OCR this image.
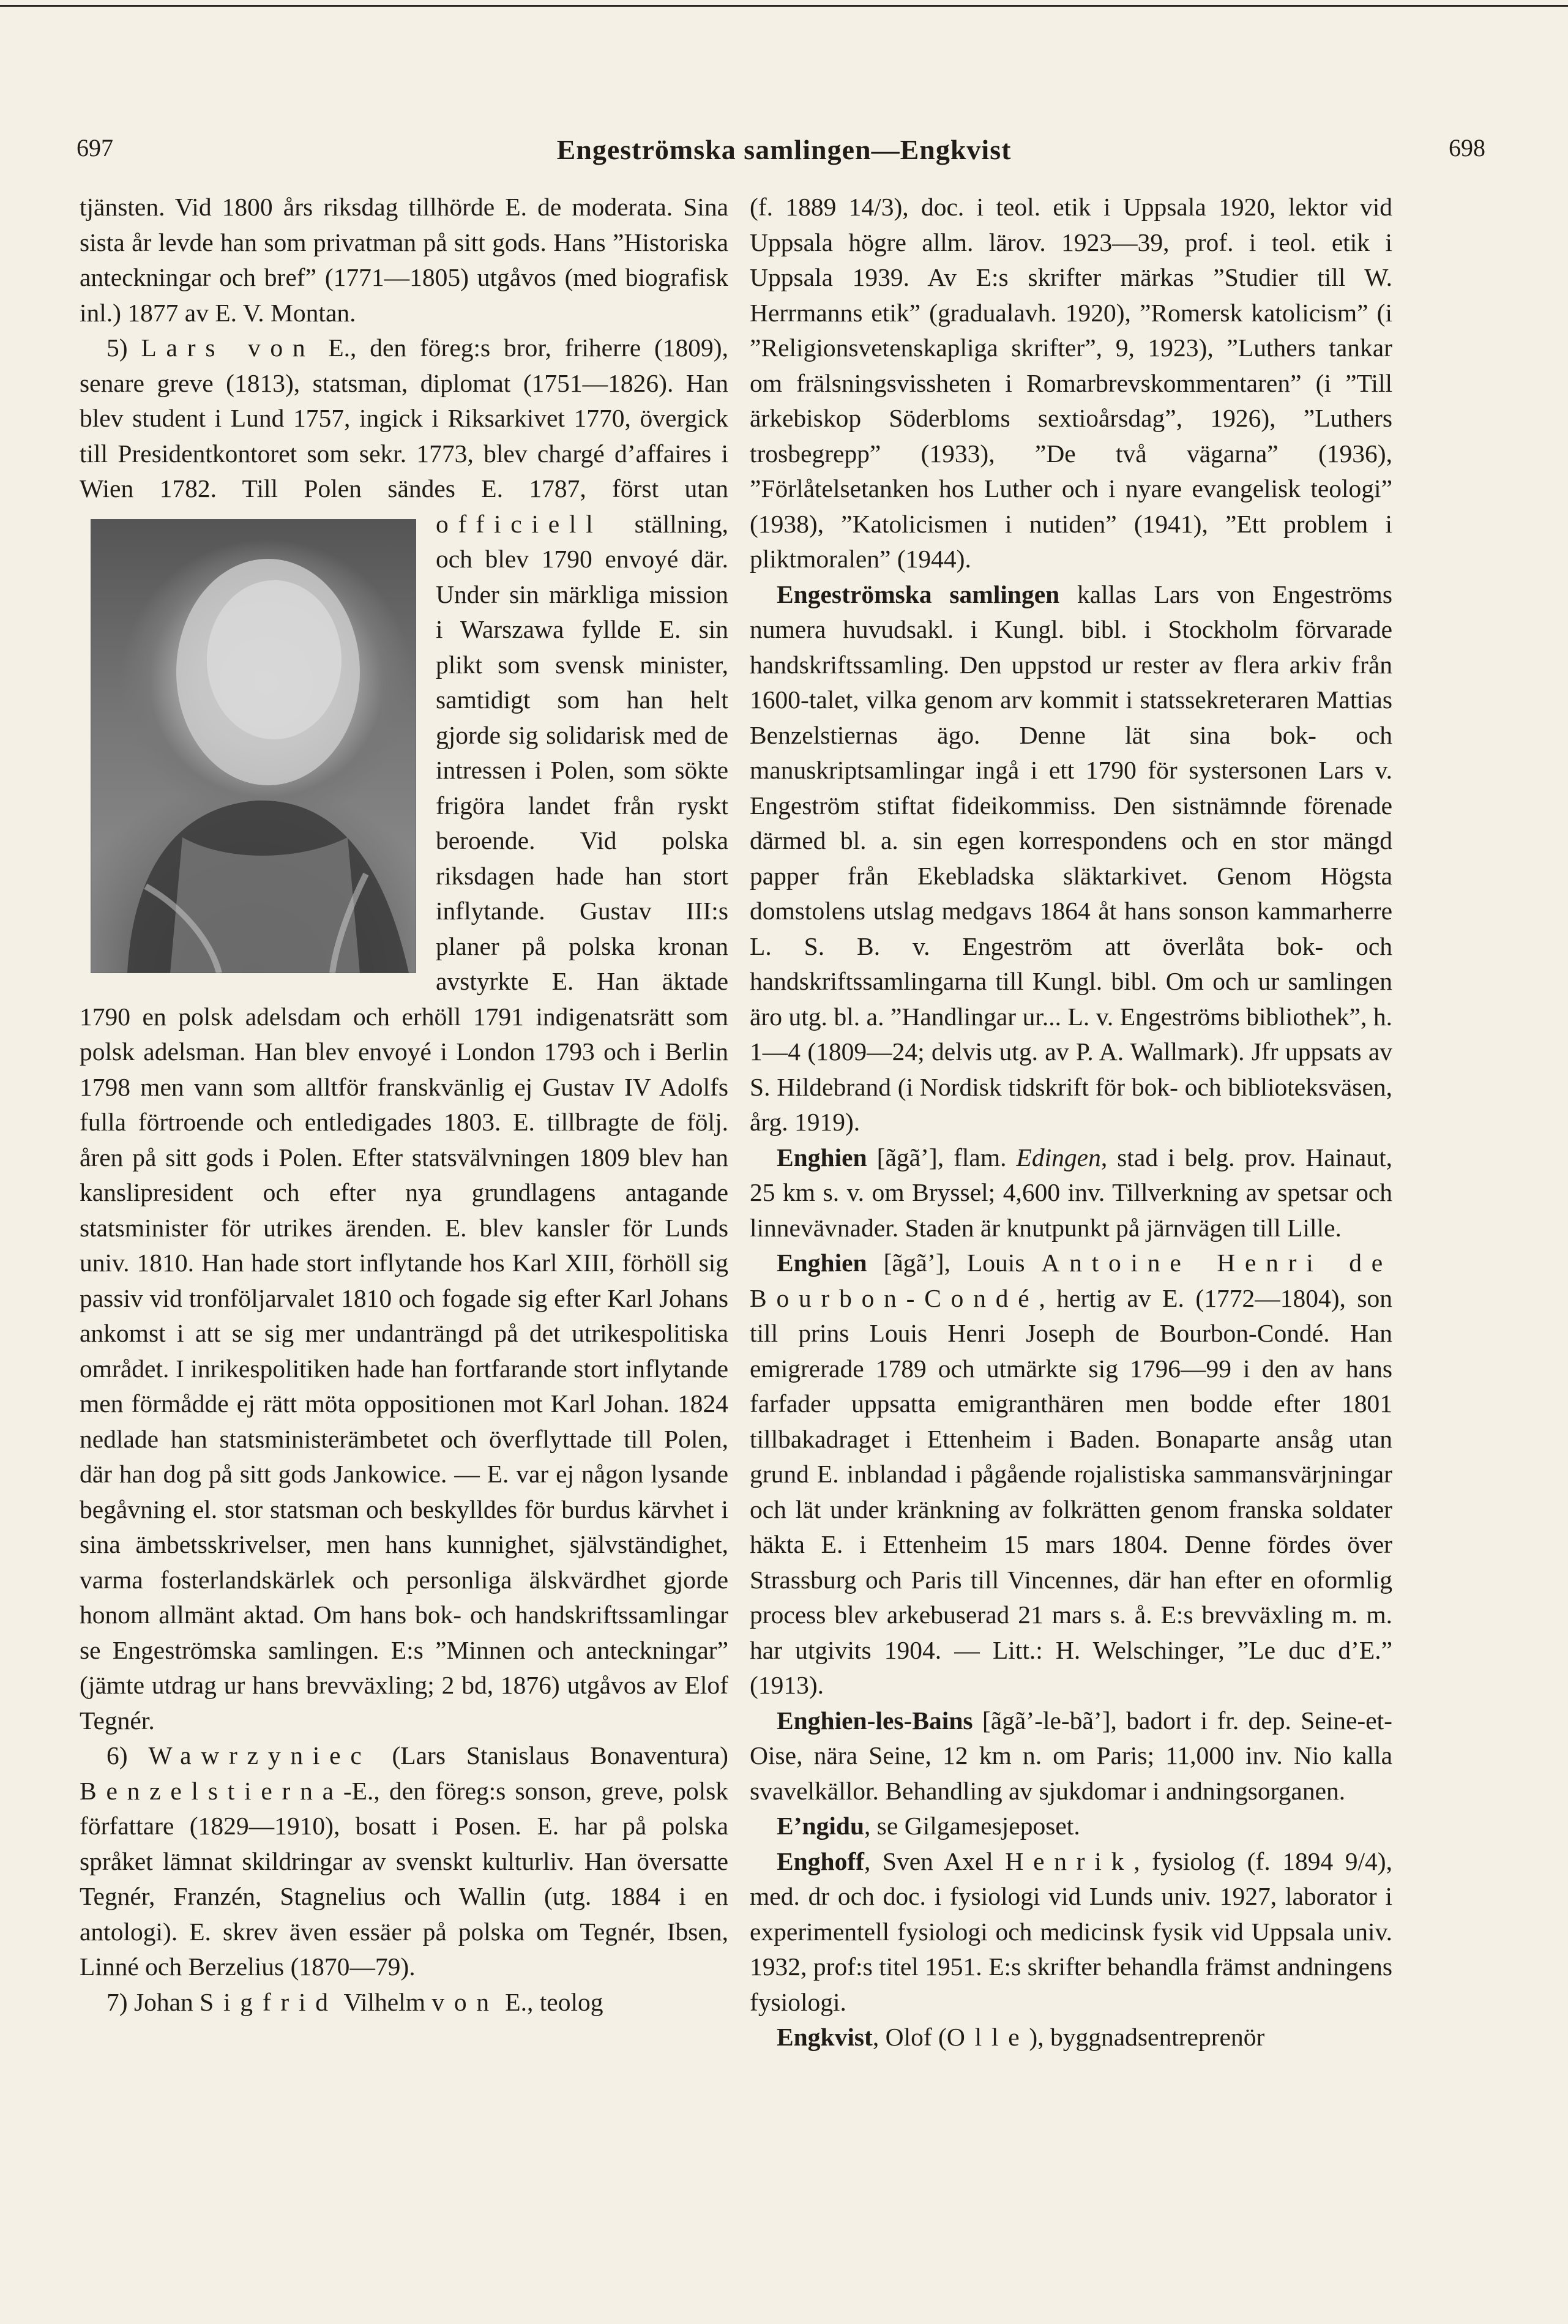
697	Engeströmska samlingen—Engkvist	698

tjänsten. Vid 1800 års riksdag tillhörde E. de moderata. Sina sista år levde han som privatman på sitt gods. Hans ”Historiska anteckningar och bref” (1771—1805) utgåvos (med biografisk inl.) 1877 av E. V. Montan.

5) Lars von E., den föreg:s bror, friherre (1809), senare greve (1813), statsman, diplomat (1751—1826). Han blev student i Lund 1757, ingick i Riksarkivet 1770, övergick till Presidentkontoret som sekr. 1773, blev chargé d’affaires i Wien 1782. Till Polen sändes E. 1787, först utan
officiell ställning, och blev 1790 envoyé där. Under sin märkliga mission i Warszawa fyllde E. sin plikt som svensk minister, samtidigt som han helt gjorde sig solidarisk med de intressen i Polen, som sökte frigöra landet från ryskt beroende. Vid polska riksdagen hade han stort inflytande. Gustav III:s planer på polska kronan avstyrkte E. Han äktade 1790 en polsk adelsdam och erhöll 1791 indigenatsrätt som polsk adelsman. Han blev envoyé i London 1793 och i Berlin 1798 men vann som alltför franskvänlig ej Gustav IV Adolfs fulla förtroende och entledigades 1803. E. tillbragte de följ. åren på sitt gods i Polen. Efter statsvälvningen 1809 blev han kanslipresident och efter nya grundlagens antagande statsminister för utrikes ärenden. E. blev kansler för Lunds univ. 1810. Han hade stort inflytande hos Karl XIII, förhöll sig passiv vid tronföljarvalet 1810 och fogade sig efter Karl Johans ankomst i att se sig mer undanträngd på det utrikespolitiska området. I inrikespolitiken hade han fortfarande stort inflytande men förmådde ej rätt möta oppositionen mot Karl Johan. 1824 nedlade han statsministerämbetet och överflyttade till Polen, där han dog på sitt gods Jankowice. — E. var ej någon lysande begåvning el. stor statsman och beskylldes för burdus kärvhet i sina ämbetsskrivelser, men hans kunnighet, självständighet, varma fosterlandskärlek och personliga älskvärdhet gjorde honom allmänt aktad. Om hans bok- och handskriftssamlingar se Engeströmska samlingen. E:s ”Minnen och anteckningar” (jämte utdrag ur hans brevväxling; 2 bd, 1876) utgåvos av Elof Tegnér.

6) Wawrzyniec (Lars Stanislaus Bonaventura) Benzelstierna-E., den föreg:s sonson, greve, polsk författare (1829—1910), bosatt i Posen. E. har på polska språket lämnat skildringar av svenskt kulturliv. Han översatte Tegnér, Franzén, Stagnelius och Wallin (utg. 1884 i en antologi). E. skrev även essäer på polska om Tegnér, Ibsen, Linné och Berzelius (1870—79).

7) Johan Sigfrid Vilhelm von E., teolog

(f. 1889 14/3), doc. i teol. etik i Uppsala 1920, lektor vid Uppsala högre allm. lärov. 1923—39, prof. i teol. etik i Uppsala 1939. Av E:s skrifter märkas ”Studier till W. Herrmanns etik” (gradualavh. 1920), ”Romersk katolicism” (i ”Religionsvetenskapliga skrifter”, 9, 1923), ”Luthers tankar om frälsningsvissheten i Romarbrevskommentaren” (i ”Till ärkebiskop Söderbloms sextioårsdag”, 1926), ”Luthers trosbegrepp” (1933), ”De två vägarna” (1936), ”Förlåtelsetanken hos Luther och i nyare evangelisk teologi” (1938), ”Katolicismen i nutiden” (1941), ”Ett problem i pliktmoralen” (1944).

Engeströmska samlingen kallas Lars von Engeströms numera huvudsakl. i Kungl. bibl. i Stockholm förvarade handskriftssamling. Den uppstod ur rester av flera arkiv från 1600-talet, vilka genom arv kommit i statssekreteraren Mattias Benzelstiernas ägo. Denne lät sina bok- och manuskriptsamlingar ingå i ett 1790 för systersonen Lars v. Engeström stiftat fideikommiss. Den sistnämnde förenade därmed bl. a. sin egen korrespondens och en stor mängd papper från Ekebladska släktarkivet. Genom Högsta domstolens utslag medgavs 1864 åt hans sonson kammarherre L. S. B. v. Engeström att överlåta bok- och handskriftssamlingarna till Kungl. bibl. Om och ur samlingen äro utg. bl. a. ”Handlingar ur... L. v. Engeströms bibliothek”, h. 1—4 (1809—24; delvis utg. av P. A. Wallmark). Jfr uppsats av S. Hildebrand (i Nordisk tidskrift för bok- och biblioteksväsen, årg. 1919).

Enghien [ãgã’], flam. Edingen, stad i belg. prov. Hainaut, 25 km s. v. om Bryssel; 4,600 inv. Tillverkning av spetsar och linnevävnader. Staden är knutpunkt på järnvägen till Lille.

Enghien [ãgã’], Louis Antoine Henri de Bourbon-Condé, hertig av E. (1772—1804), son till prins Louis Henri Joseph de Bourbon-Condé. Han emigrerade 1789 och utmärkte sig 1796—99 i den av hans farfader uppsatta emigranthären men bodde efter 1801 tillbakadraget i Ettenheim i Baden. Bonaparte ansåg utan grund E. inblandad i pågående rojalistiska sammansvärjningar och lät under kränkning av folkrätten genom franska soldater häkta E. i Ettenheim 15 mars 1804. Denne fördes över Strassburg och Paris till Vincennes, där han efter en oformlig process blev arkebuserad 21 mars s. å. E:s brevväxling m. m. har utgivits 1904. — Litt.: H. Welschinger, ”Le duc d’E.” (1913).

Enghien-les-Bains [ãgã’-le-bã’], badort i fr. dep. Seine-et-Oise, nära Seine, 12 km n. om Paris; 11,000 inv. Nio kalla svavelkällor. Behandling av sjukdomar i andningsorganen.

E’ngidu, se Gilgamesjeposet.

Enghoff, Sven Axel Henrik, fysiolog (f. 1894 9/4), med. dr och doc. i fysiologi vid Lunds univ. 1927, laborator i experimentell fysiologi och medicinsk fysik vid Uppsala univ. 1932, prof:s titel 1951. E:s skrifter behandla främst andningens fysiologi.

Engkvist, Olof (Olle), byggnadsentreprenör
